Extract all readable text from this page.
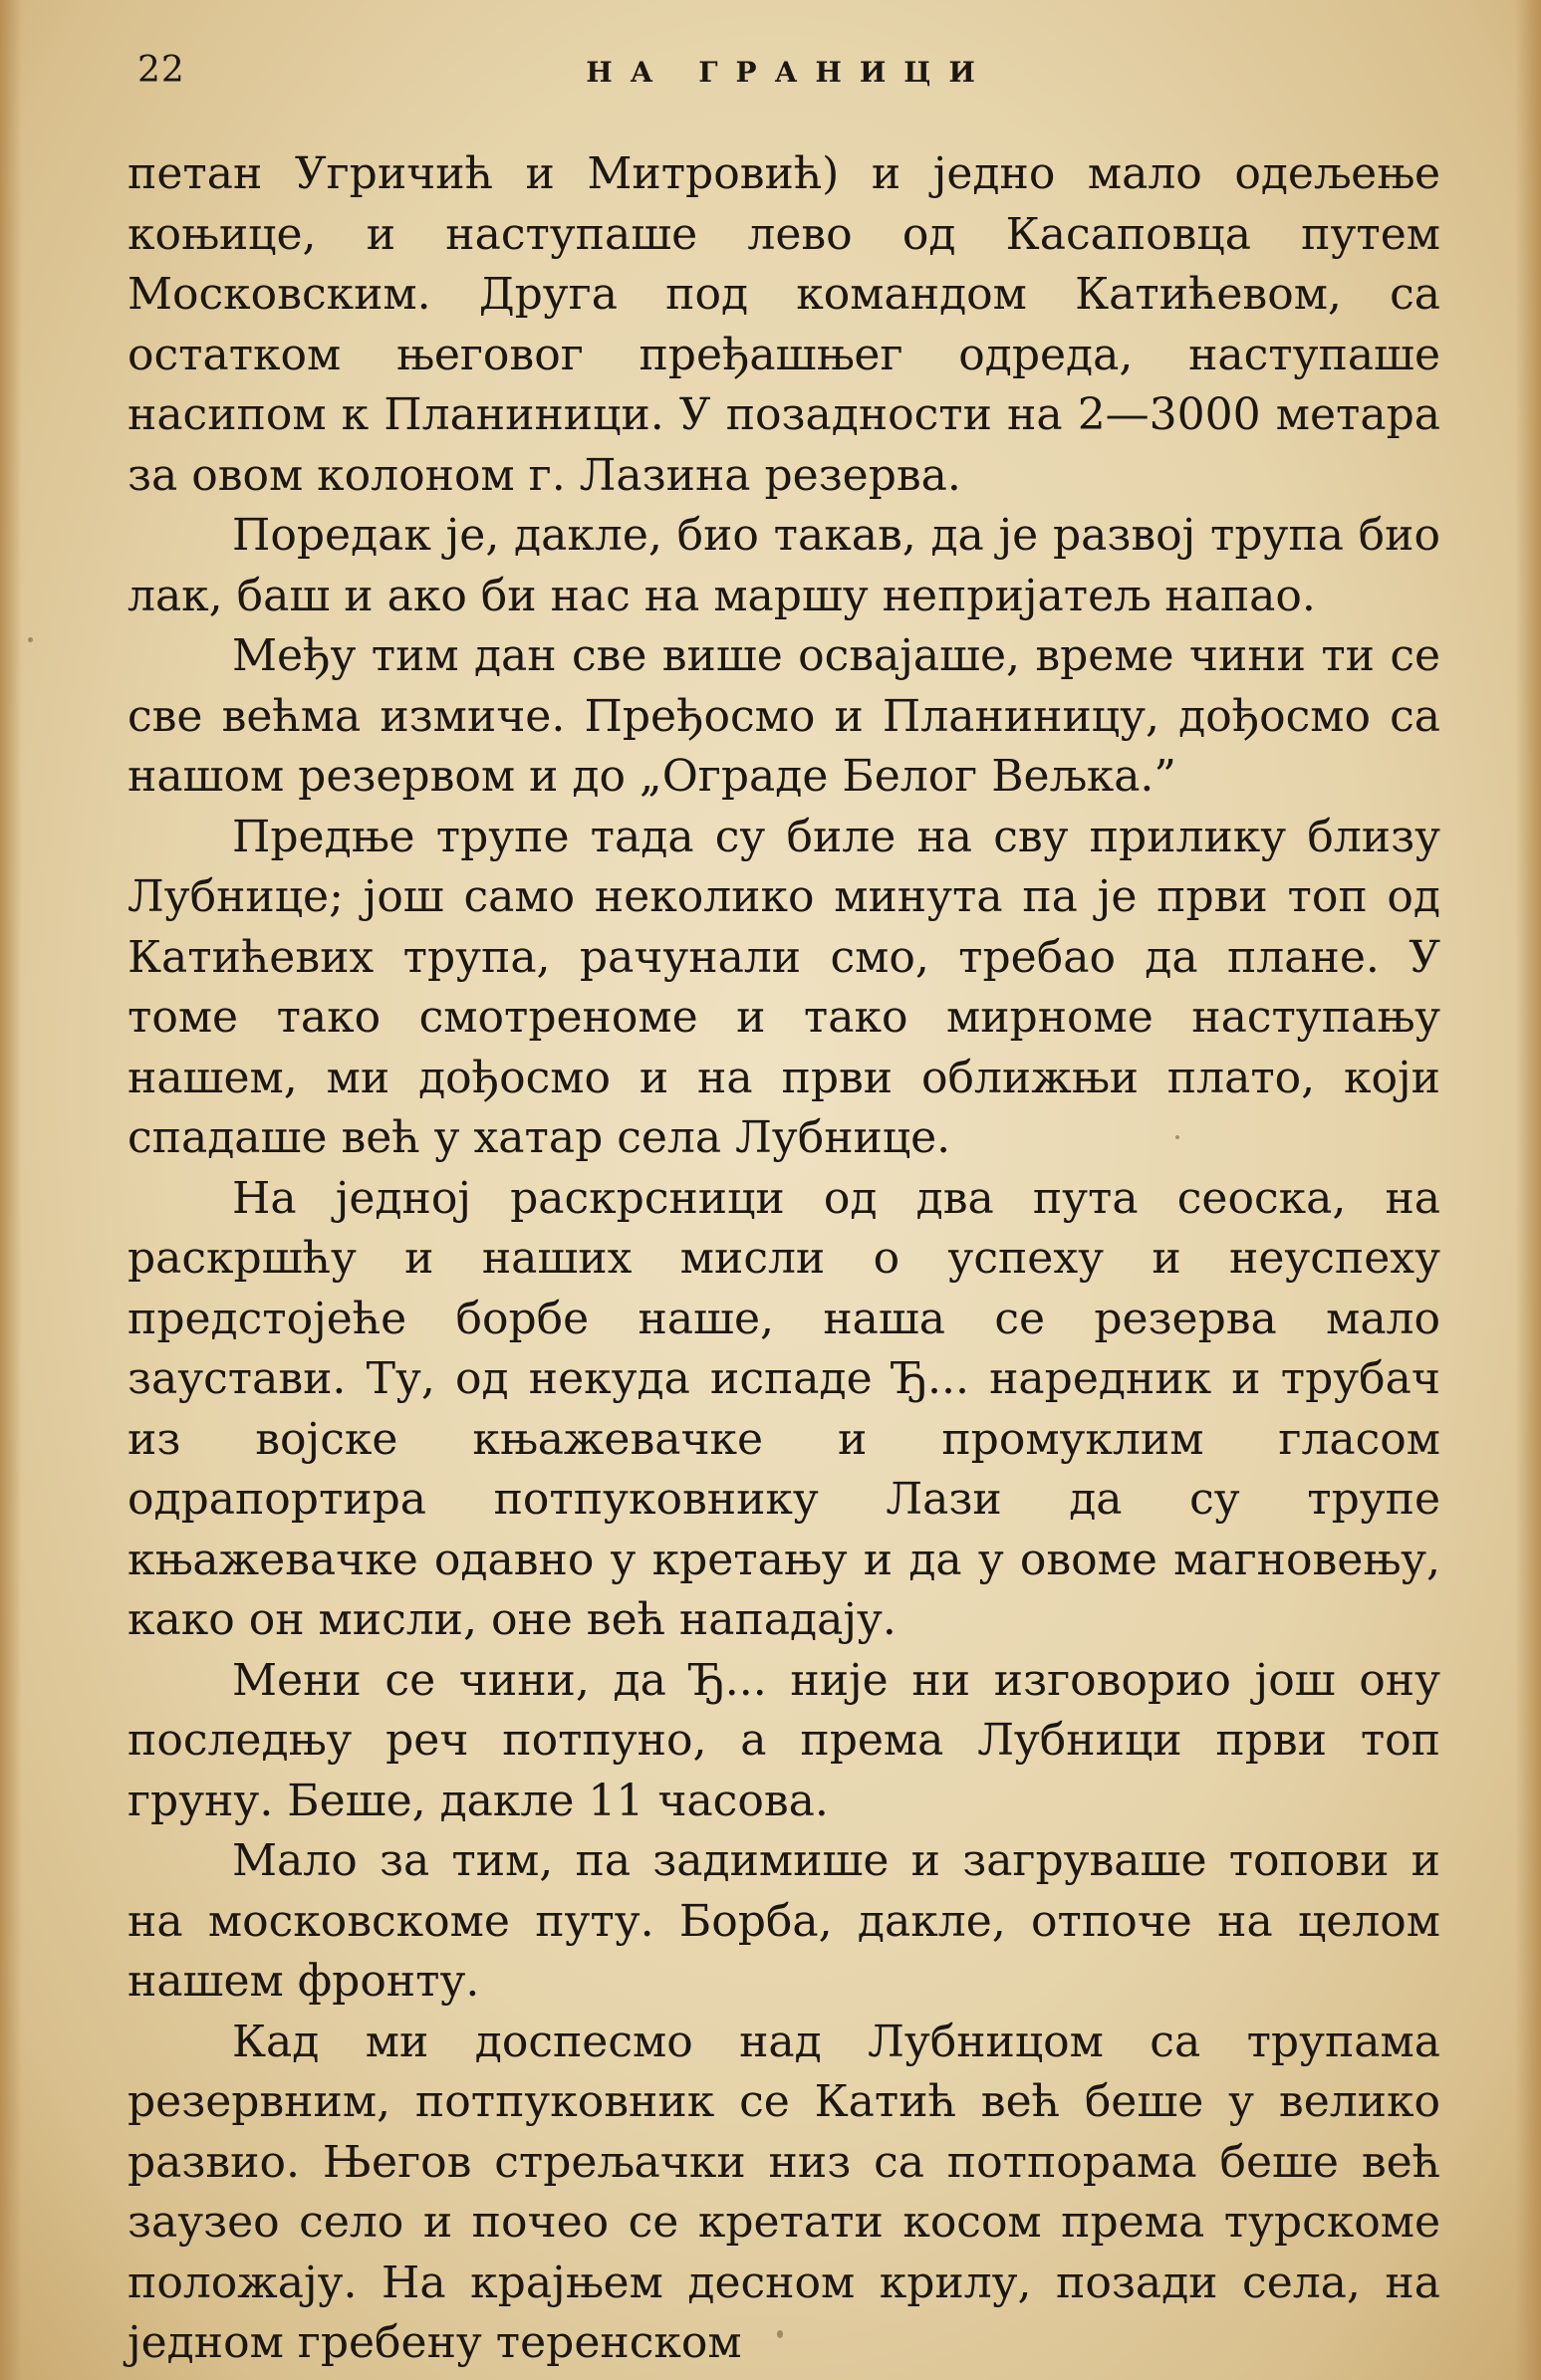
22	НА ГРАНИЦИ

петан Угричић и Митровић) и једно мало одељење коњице, и наступаше лево од Касаповца путем Московским. Друга под командом Катићевом, са остатком његовог пређашњег одреда, наступаше насипом к Планиници. У позадности на 2—3000 метара за овом колоном г. Лазина резерва.

Поредак је, дакле, био такав, да је развој трупа био лак, баш и ако би нас на маршу непријатељ напао.

Међу тим дан све више освајаше, време чини ти се све већма измиче. Пређосмо и Планиницу, дођосмо са нашом резервом и до „Ограде Белог Вељка.”

Предње трупе тада су биле на сву прилику близу Лубнице; још само неколико минута па је први топ од Катићевих трупа, рачунали смо, требао да плане. У томе тако смотреноме и тако мирноме наступању нашем, ми дођосмо и на први оближњи плато, који спадаше већ у хатар села Лубнице.

На једној раскрсници од два пута сеоска, на раскршћу и наших мисли о успеху и неуспеху предстојеће борбе наше, наша се резерва мало заустави. Ту, од некуда испаде Ђ... наредник и трубач из војске књажевачке и промуклим гласом одрапортира потпуковнику Лази да су трупе књажевачке одавно у кретању и да у овоме магновењу, како он мисли, оне већ нападају.

Мени се чини, да Ђ... није ни изговорио још ону последњу реч потпуно, а према Лубници први топ груну. Беше, дакле 11 часова.

Мало за тим, па задимише и загрувaше топови и на московскоме путу. Борба, дакле, отпоче на целом нашем фронту.

Кад ми доспесмо над Лубницом са трупама резервним, потпуковник се Катић већ беше у велико развио. Његов стрељачки низ са потпорама беше већ заузео село и почео се кретати косом према турскоме положају. На крајњем десном крилу, позади села, на једном гребену теренском
